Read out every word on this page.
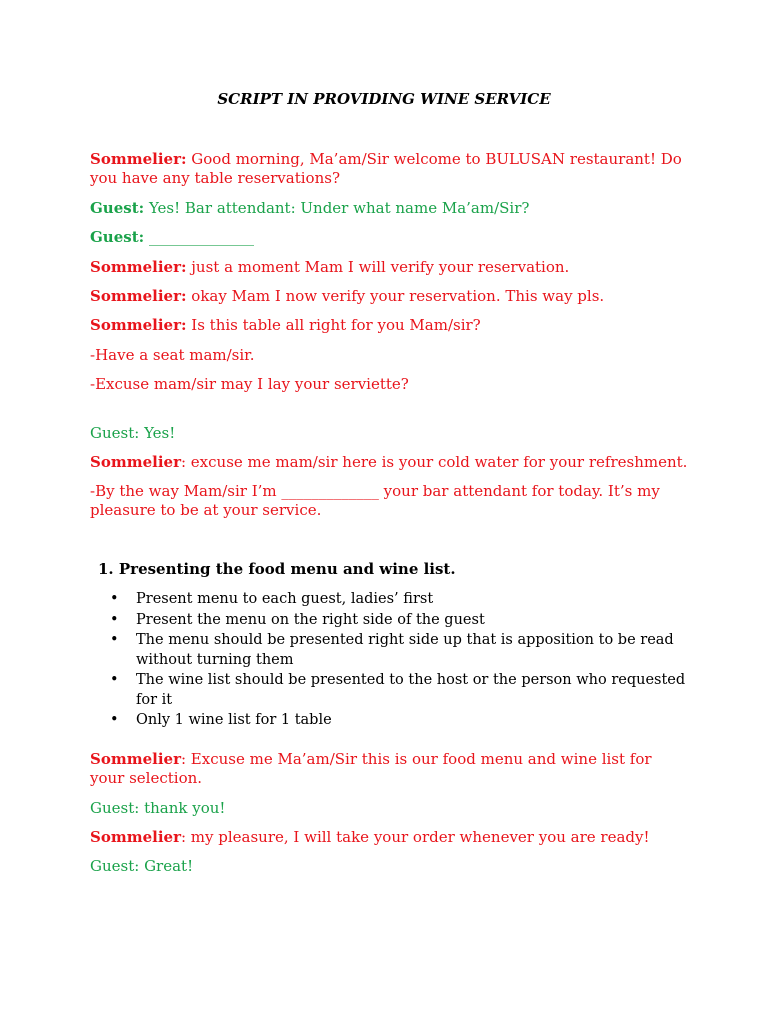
SCRIPT IN PROVIDING WINE SERVICE

Sommelier: Good morning, Ma’am/Sir welcome to BULUSAN restaurant! Do you have any table reservations?

Guest: Yes! Bar attendant: Under what name Ma’am/Sir?

Guest: ______________

Sommelier: just a moment Mam I will verify your reservation.

Sommelier: okay Mam I now verify your reservation. This way pls.

Sommelier: Is this table all right for you Mam/sir?

-Have a seat mam/sir.

-Excuse mam/sir may I lay your serviette?

Guest: Yes!

Sommelier: excuse me mam/sir here is your cold water for your refreshment.

-By the way Mam/sir I’m _____________ your bar attendant for today. It’s my pleasure to be at your service.

1. Presenting the food menu and wine list.

• Present menu to each guest, ladies’ first
• Present the menu on the right side of the guest
• The menu should be presented right side up that is apposition to be read without turning them
• The wine list should be presented to the host or the person who requested for it
• Only 1 wine list for 1 table

Sommelier: Excuse me Ma’am/Sir this is our food menu and wine list for your selection.

Guest: thank you!

Sommelier: my pleasure, I will take your order whenever you are ready!

Guest: Great!
